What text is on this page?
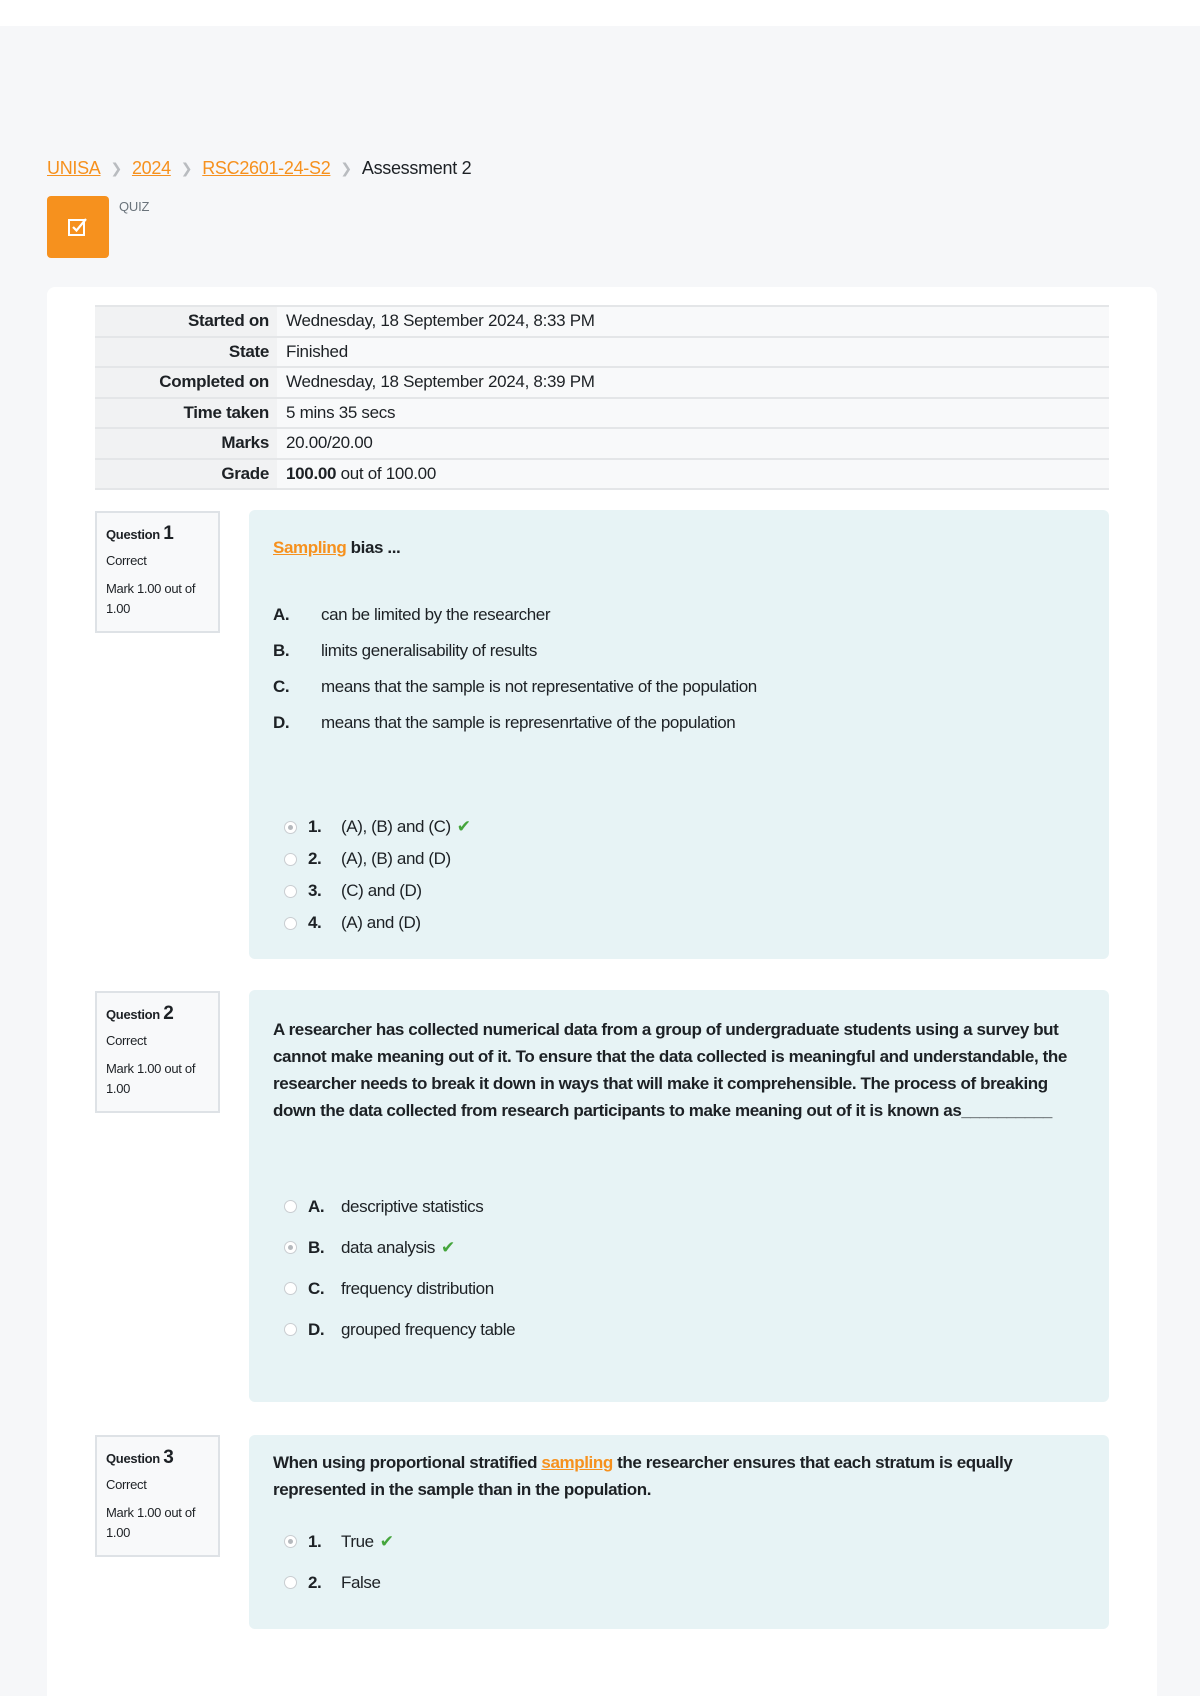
UNISA ❯ 2024 ❯ RSC2601-24-S2 ❯ Assessment 2
QUIZ
Started on	Wednesday, 18 September 2024, 8:33 PM
State	Finished
Completed on	Wednesday, 18 September 2024, 8:39 PM
Time taken	5 mins 35 secs
Marks	20.00/20.00
Grade	100.00 out of 100.00
Question 1
Correct
Mark 1.00 out of 1.00
Sampling bias ...
A.	can be limited by the researcher
B.	limits generalisability of results
C.	means that the sample is not representative of the population
D.	means that the sample is represenrtative of the population
1.	(A), (B) and (C) ✔
2.	(A), (B) and (D)
3.	(C) and (D)
4.	(A) and (D)
Question 2
Correct
Mark 1.00 out of 1.00
A researcher has collected numerical data from a group of undergraduate students using a survey but cannot make meaning out of it. To ensure that the data collected is meaningful and understandable, the researcher needs to break it down in ways that will make it comprehensible. The process of breaking down the data collected from research participants to make meaning out of it is known as__________
A. descriptive statistics
B. data analysis ✔
C. frequency distribution
D. grouped frequency table
Question 3
Correct
Mark 1.00 out of 1.00
When using proportional stratified sampling the researcher ensures that each stratum is equally represented in the sample than in the population.
1.	True ✔
2.	False
